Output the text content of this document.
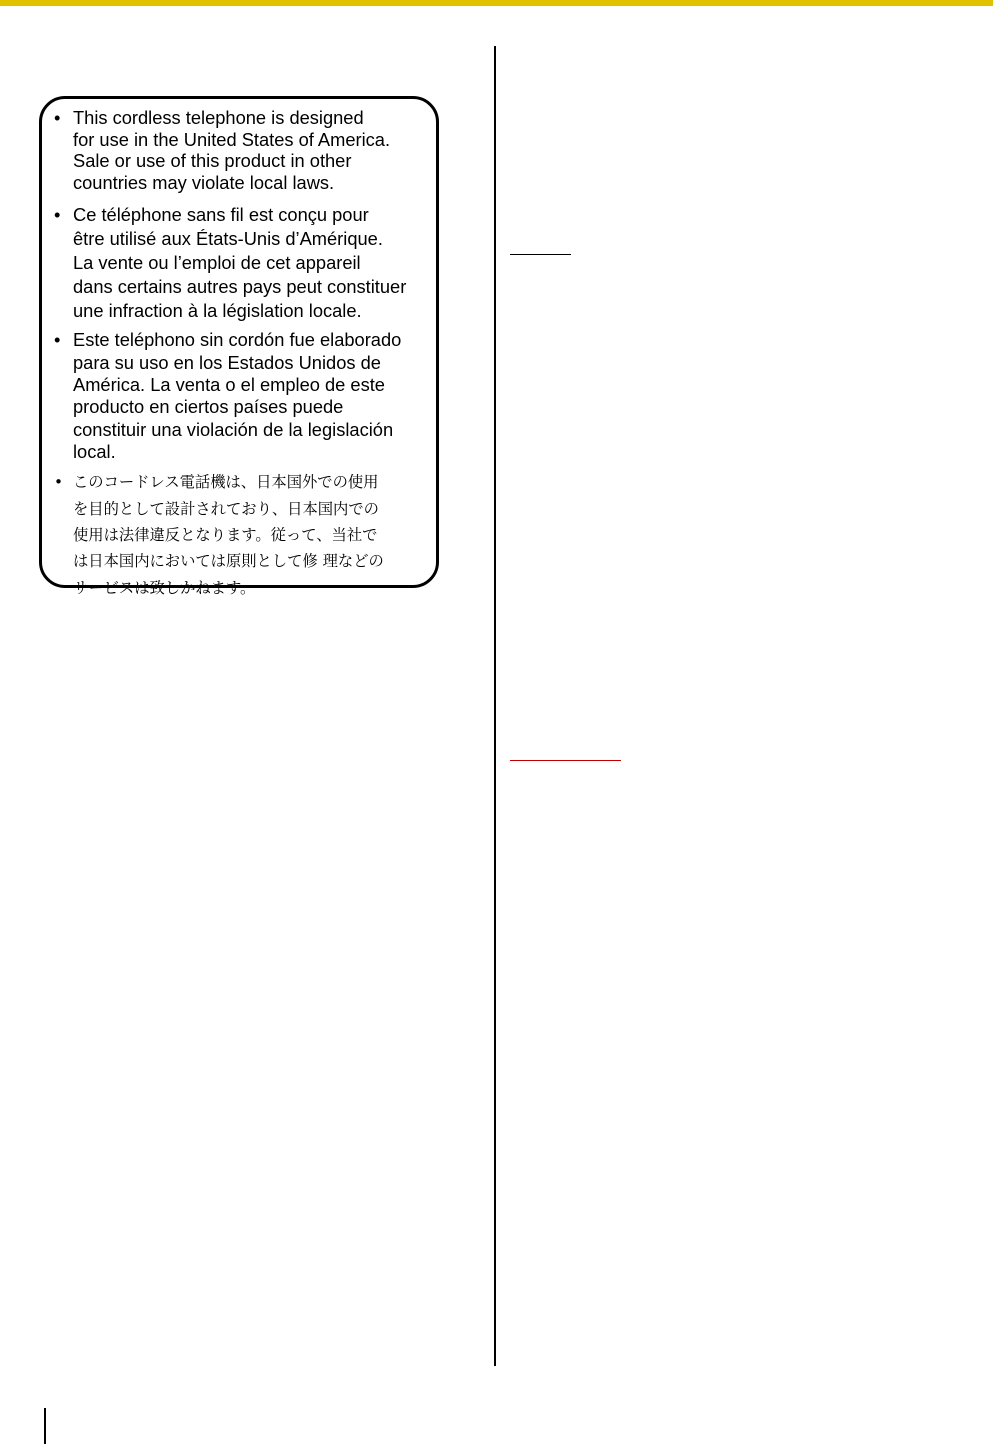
• This cordless telephone is designed
for use in the United States of America.
Sale or use of this product in other
countries may violate local laws.
• Ce téléphone sans fil est conçu pour
être utilisé aux États-Unis d’Amérique.
La vente ou l’emploi de cet appareil
dans certains autres pays peut constituer
une infraction à la législation locale.
• Este teléphono sin cordón fue elaborado
para su uso en los Estados Unidos de
América. La venta o el empleo de este
producto en ciertos países puede
constituir una violación de la legislación
local.
• このコードレス電話機は、日本国外での使用
を目的として設計されており、日本国内での
使用は法律違反となります。従って、当社で
は日本国内においては原則として修 理などの
サービスは致しかねます。
